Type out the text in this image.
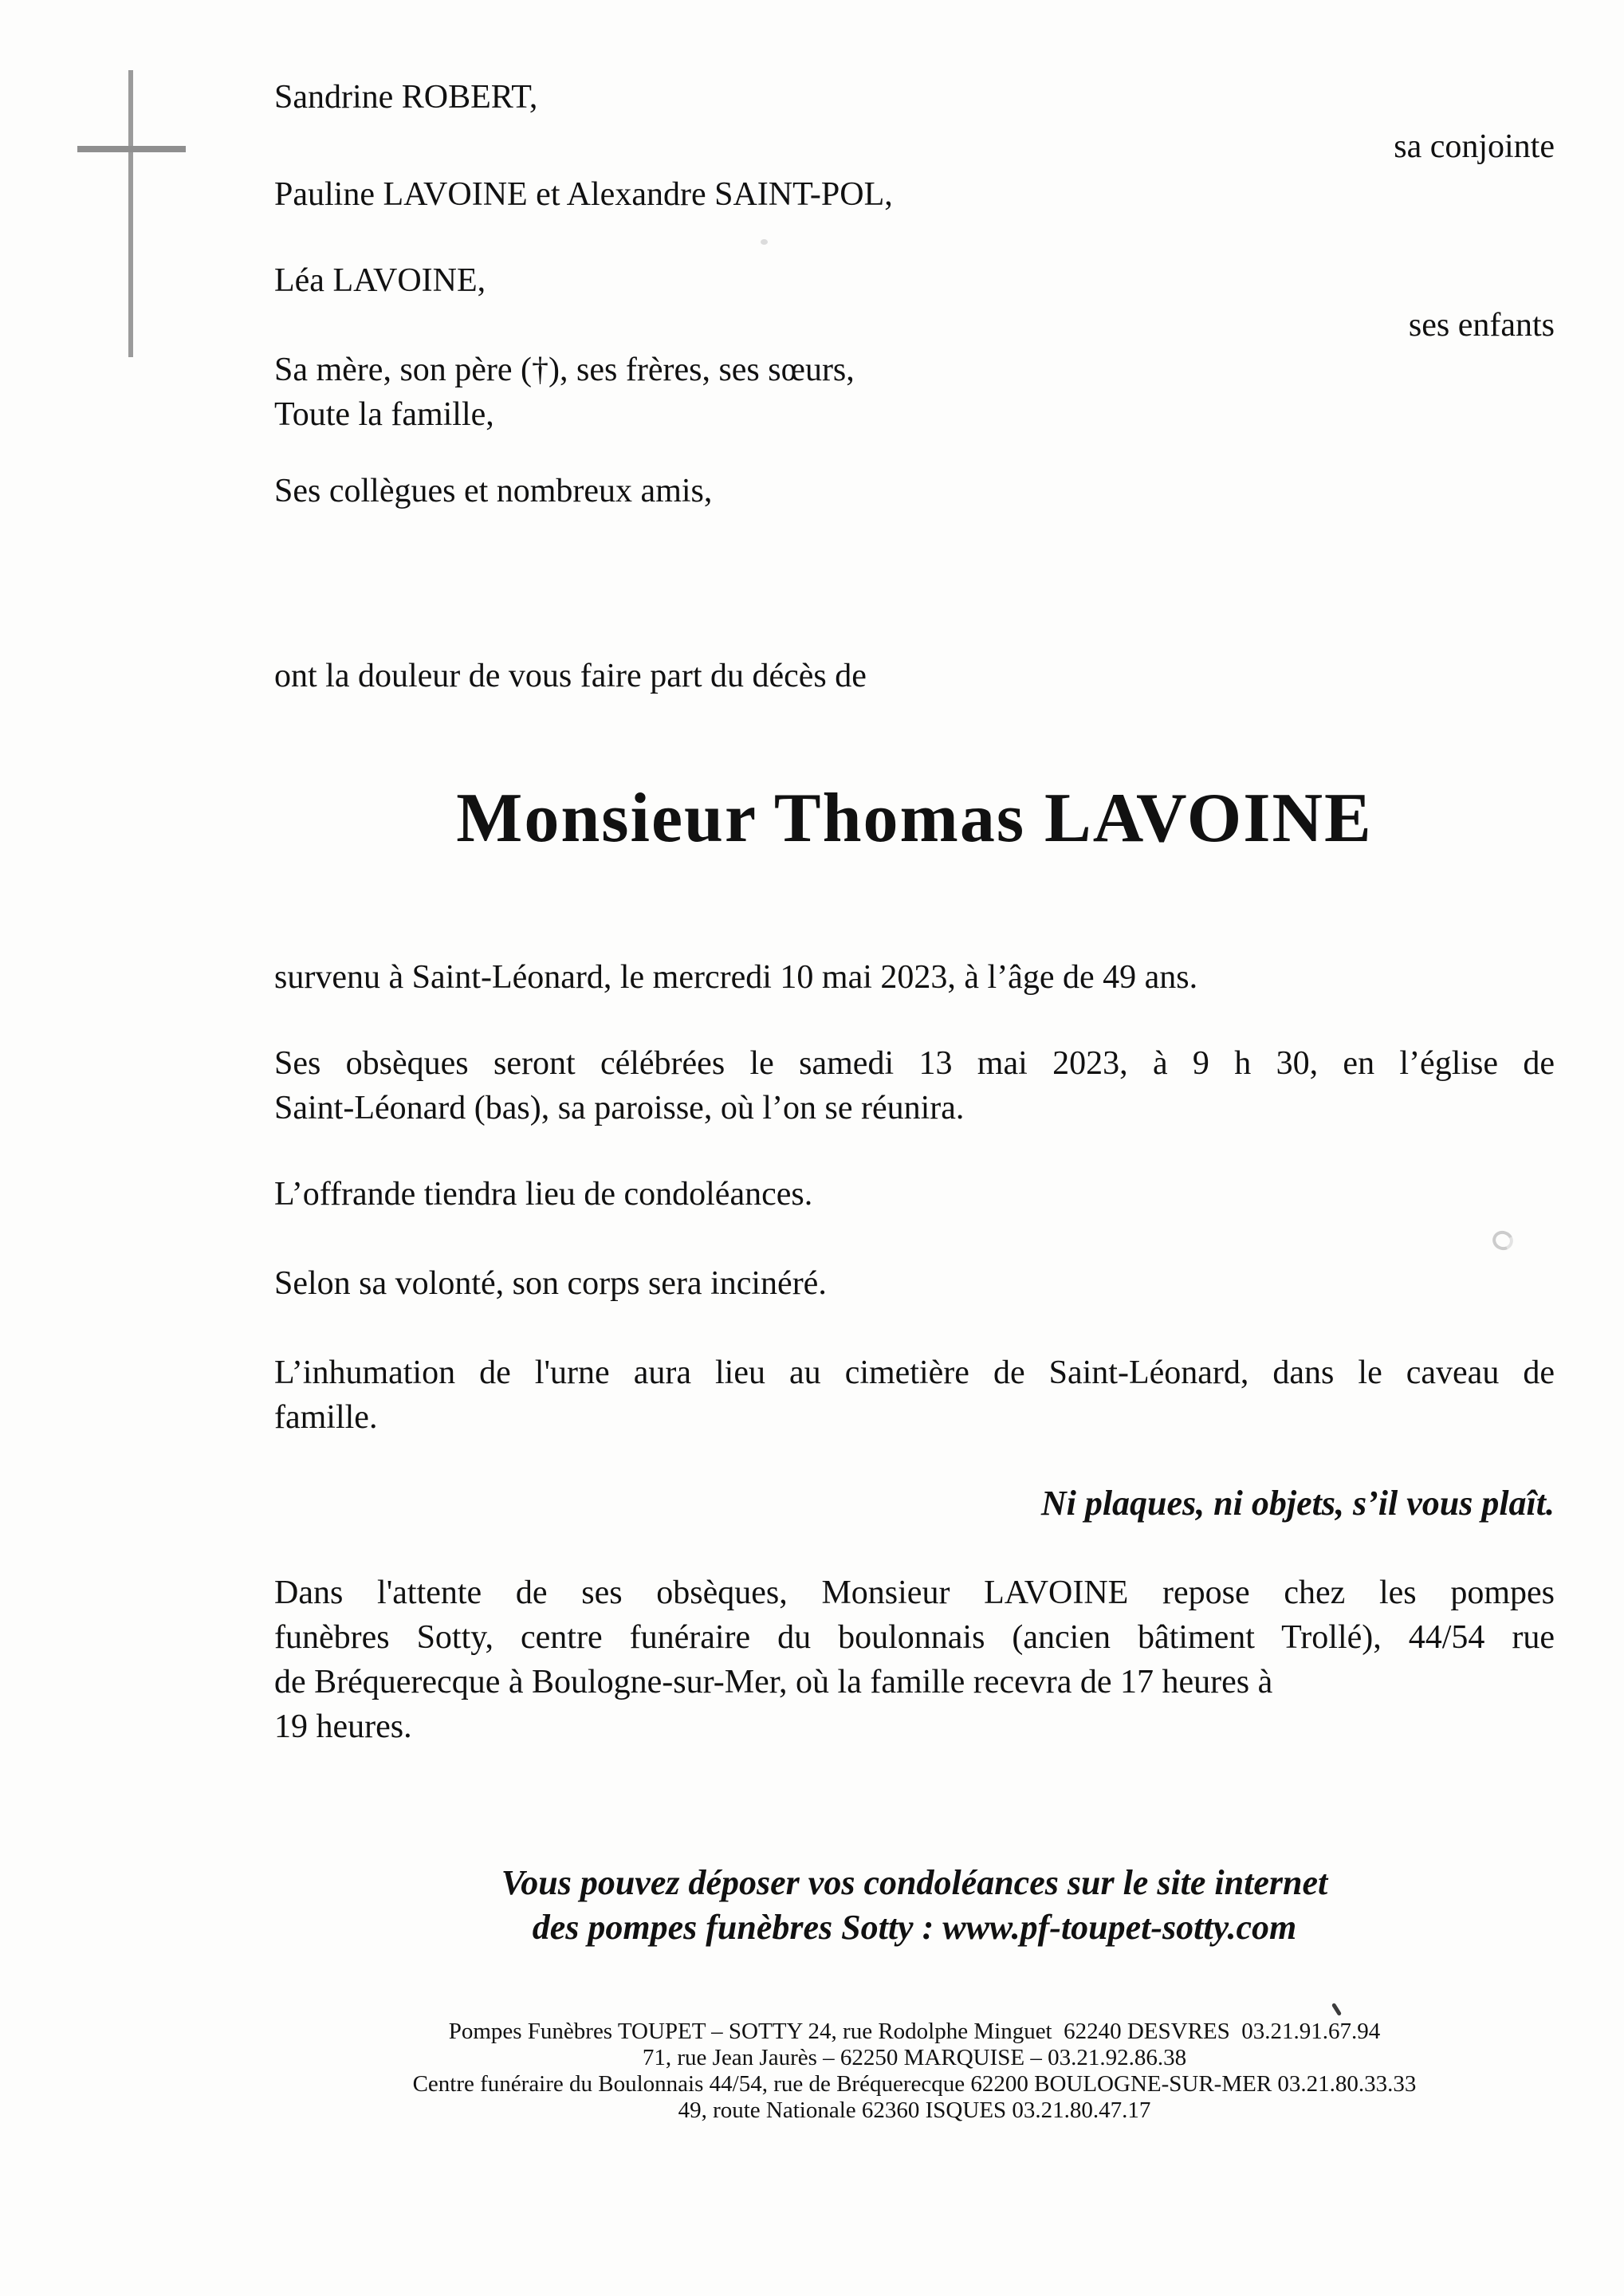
Sandrine ROBERT,
sa conjointe
Pauline LAVOINE et Alexandre SAINT-POL,
Léa LAVOINE,
ses enfants
Sa mère, son père (†), ses frères, ses sœurs,
Toute la famille,
Ses collègues et nombreux amis,
ont la douleur de vous faire part du décès de
Monsieur Thomas LAVOINE
survenu à Saint-Léonard, le mercredi 10 mai 2023, à l’âge de 49 ans.
Ses obsèques seront célébrées le samedi 13 mai 2023, à 9 h 30, en l’église de
Saint-Léonard (bas), sa paroisse, où l’on se réunira.
L’offrande tiendra lieu de condoléances.
Selon sa volonté, son corps sera incinéré.
L’inhumation de l'urne aura lieu au cimetière de Saint-Léonard, dans le caveau de
famille.
Ni plaques, ni objets, s’il vous plaît.
Dans l'attente de ses obsèques, Monsieur LAVOINE repose chez les pompes
funèbres Sotty, centre funéraire du boulonnais (ancien bâtiment Trollé), 44/54 rue
de Bréquerecque à Boulogne-sur-Mer, où la famille recevra de 17 heures à
19 heures.
Vous pouvez déposer vos condoléances sur le site internet
des pompes funèbres Sotty : www.pf-toupet-sotty.com
Pompes Funèbres TOUPET – SOTTY 24, rue Rodolphe Minguet  62240 DESVRES  03.21.91.67.94
71, rue Jean Jaurès – 62250 MARQUISE – 03.21.92.86.38
Centre funéraire du Boulonnais 44/54, rue de Bréquerecque 62200 BOULOGNE-SUR-MER 03.21.80.33.33
49, route Nationale 62360 ISQUES 03.21.80.47.17
